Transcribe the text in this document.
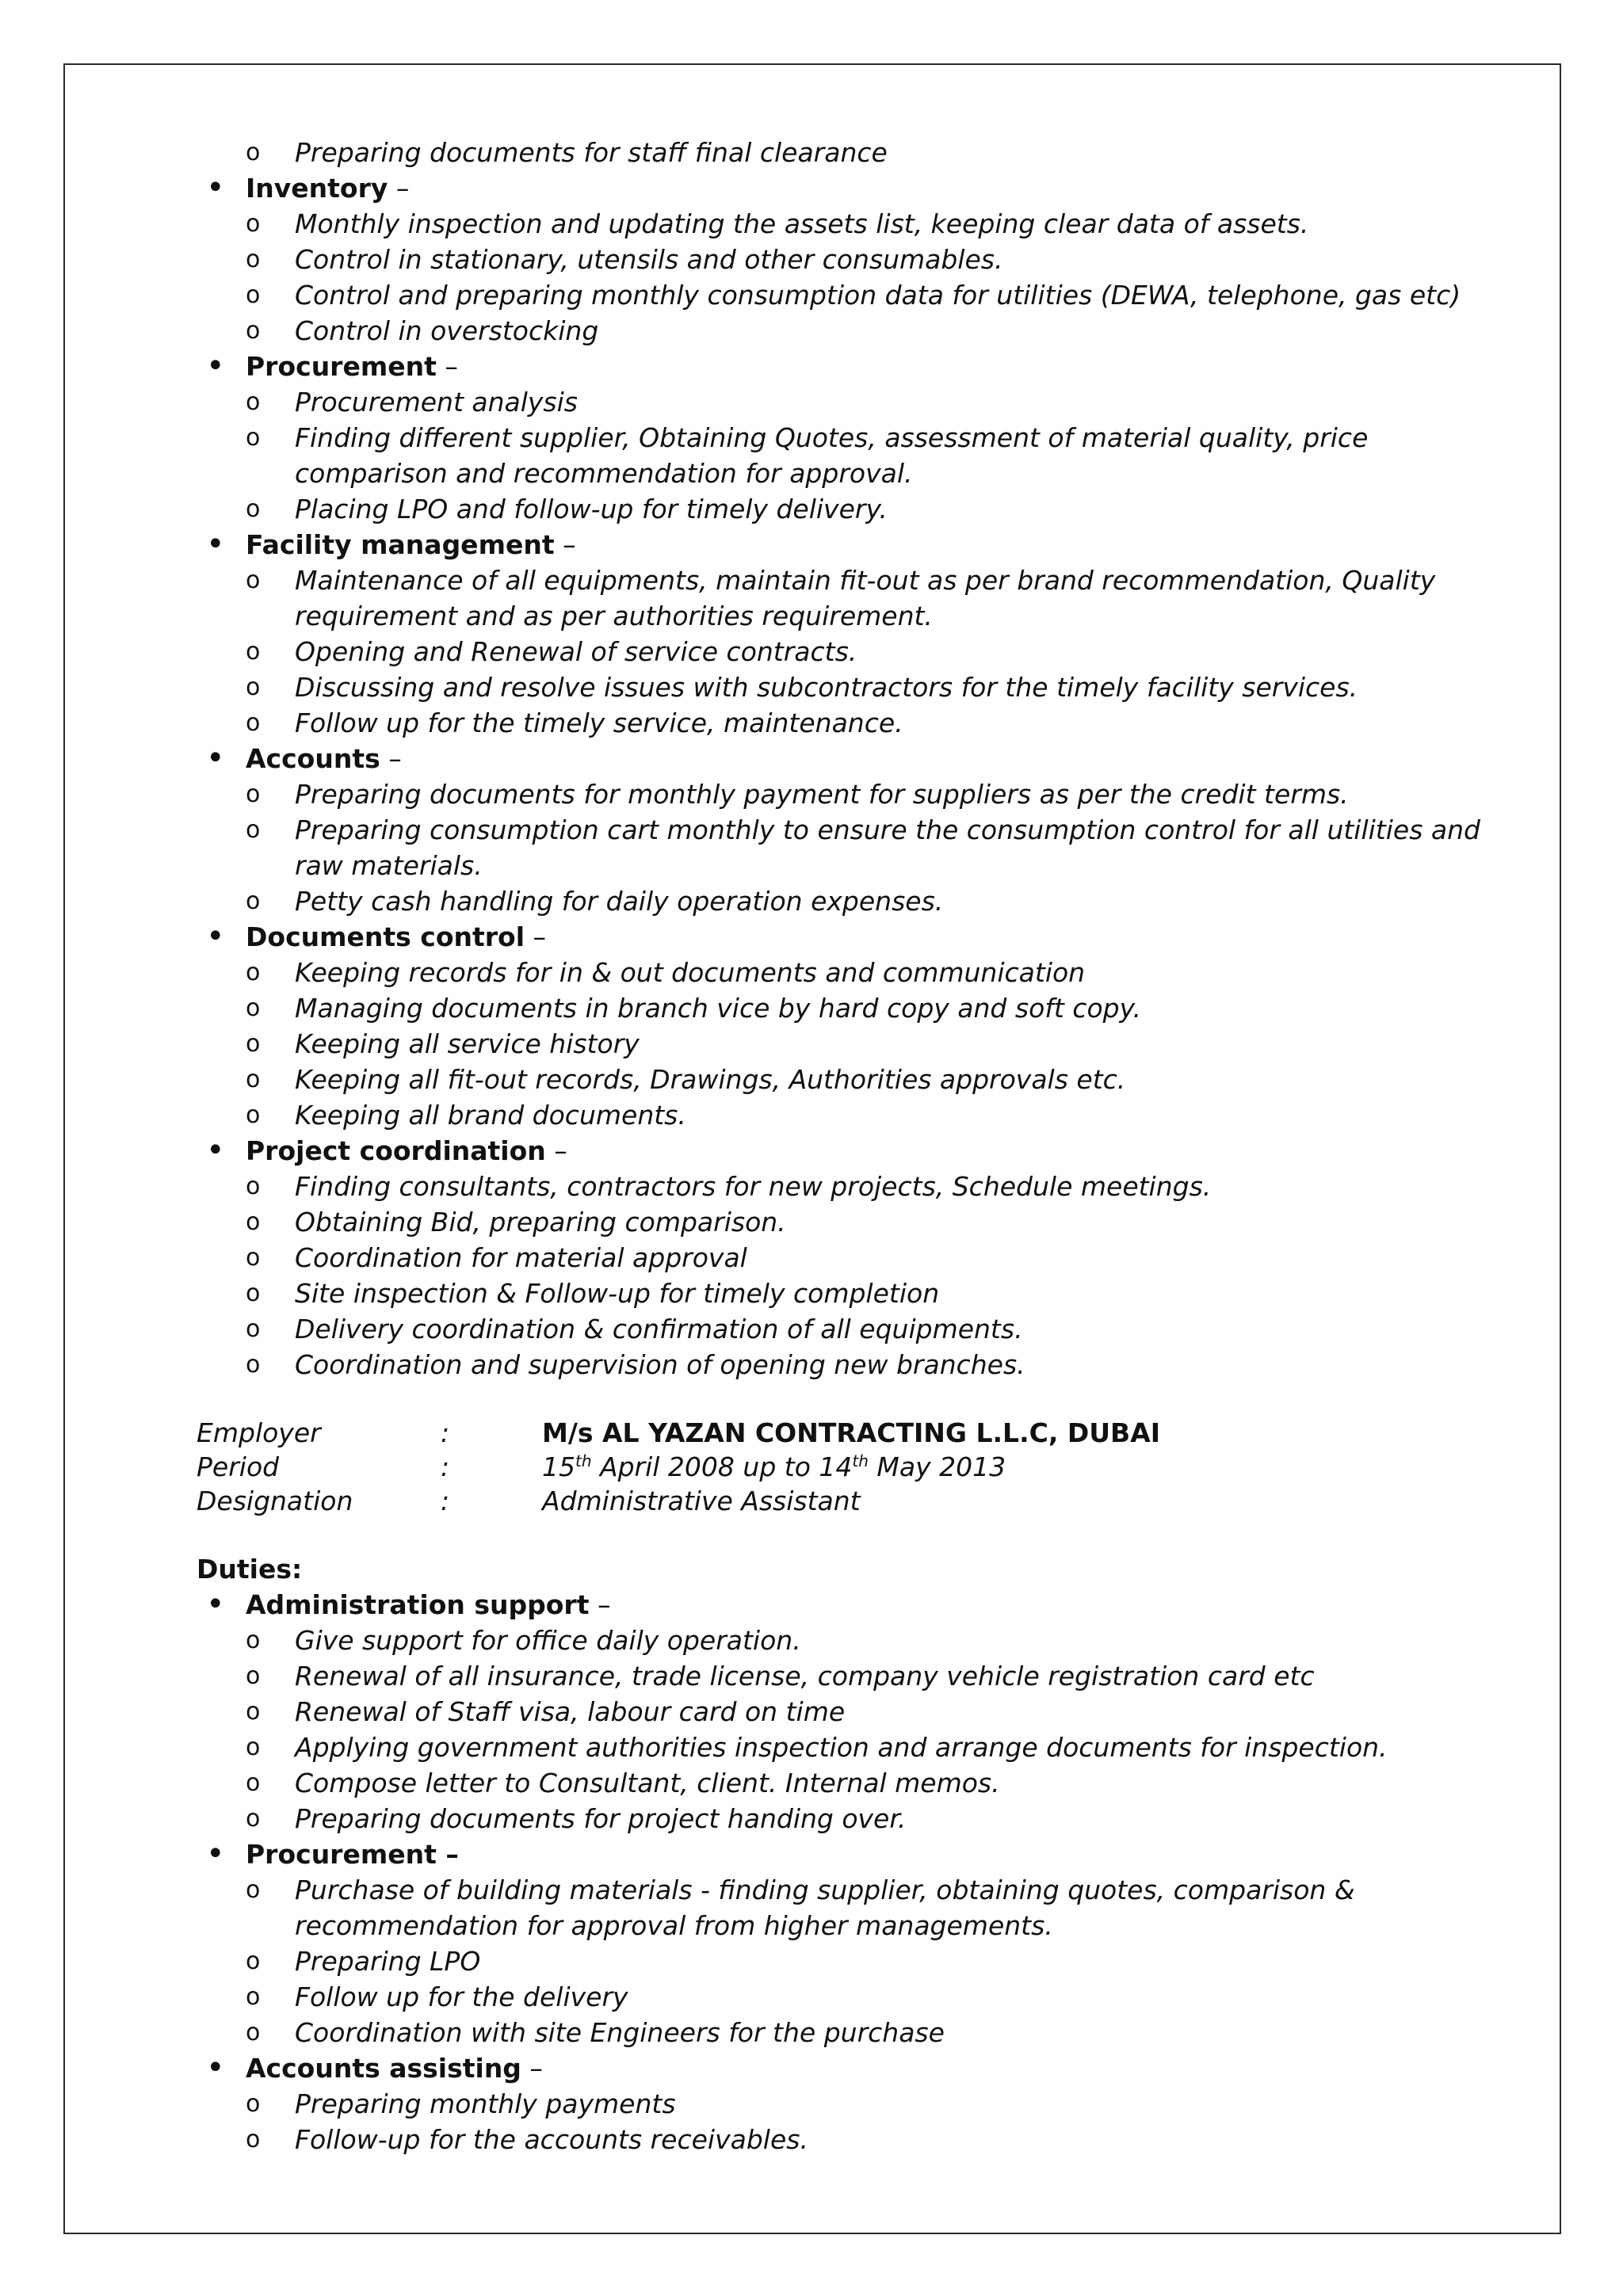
o Preparing documents for staff final clearance
• Inventory –
o Monthly inspection and updating the assets list, keeping clear data of assets.
o Control in stationary, utensils and other consumables.
o Control and preparing monthly consumption data for utilities (DEWA, telephone, gas etc)
o Control in overstocking
• Procurement –
o Procurement analysis
o Finding different supplier, Obtaining Quotes, assessment of material quality, price
comparison and recommendation for approval.
o Placing LPO and follow-up for timely delivery.
• Facility management –
o Maintenance of all equipments, maintain fit-out as per brand recommendation, Quality
requirement and as per authorities requirement.
o Opening and Renewal of service contracts.
o Discussing and resolve issues with subcontractors for the timely facility services.
o Follow up for the timely service, maintenance.
• Accounts –
o Preparing documents for monthly payment for suppliers as per the credit terms.
o Preparing consumption cart monthly to ensure the consumption control for all utilities and
raw materials.
o Petty cash handling for daily operation expenses.
• Documents control –
o Keeping records for in & out documents and communication
o Managing documents in branch vice by hard copy and soft copy.
o Keeping all service history
o Keeping all fit-out records, Drawings, Authorities approvals etc.
o Keeping all brand documents.
• Project coordination –
o Finding consultants, contractors for new projects, Schedule meetings.
o Obtaining Bid, preparing comparison.
o Coordination for material approval
o Site inspection & Follow-up for timely completion
o Delivery coordination & confirmation of all equipments.
o Coordination and supervision of opening new branches.
Employer	:	M/s AL YAZAN CONTRACTING L.L.C, DUBAI
Period	:	15th April 2008 up to 14th May 2013
Designation	:	Administrative Assistant
Duties:
• Administration support –
o Give support for office daily operation.
o Renewal of all insurance, trade license, company vehicle registration card etc
o Renewal of Staff visa, labour card on time
o Applying government authorities inspection and arrange documents for inspection.
o Compose letter to Consultant, client. Internal memos.
o Preparing documents for project handing over.
• Procurement –
o Purchase of building materials - finding supplier, obtaining quotes, comparison &
recommendation for approval from higher managements.
o Preparing LPO
o Follow up for the delivery
o Coordination with site Engineers for the purchase
• Accounts assisting –
o Preparing monthly payments
o Follow-up for the accounts receivables.
